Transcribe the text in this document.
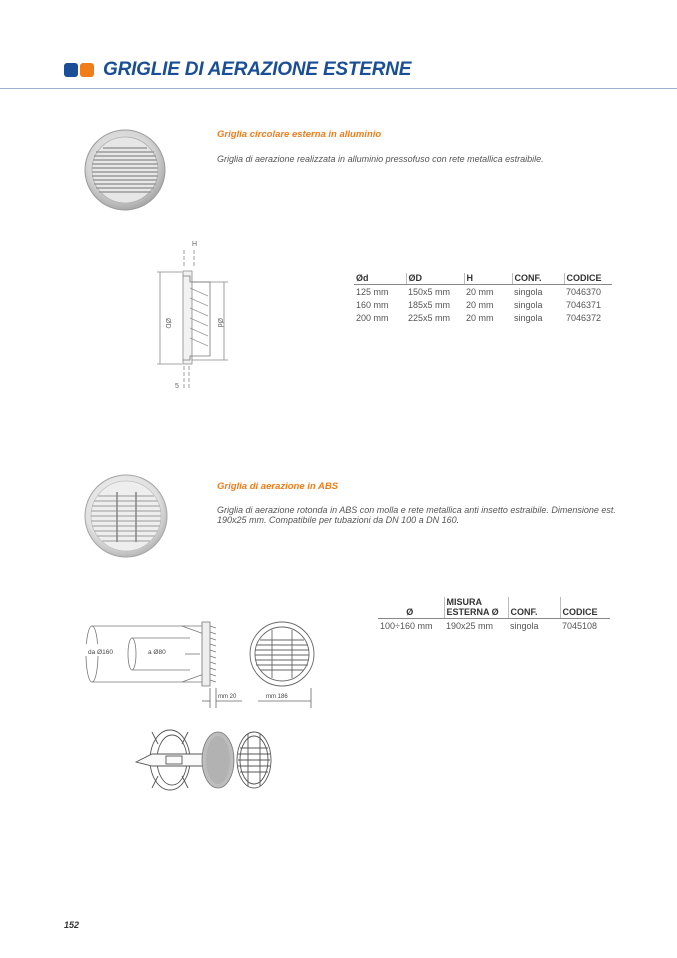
GRIGLIE DI AERAZIONE ESTERNE
Griglia circolare esterna in alluminio
Griglia di aerazione realizzata in alluminio pressofuso con rete metallica estraibile.
H
ØD	Ød
5
Ød	ØD	H	CONF.	CODICE
125 mm	150x5 mm	20 mm	singola	7046370
160 mm	185x5 mm	20 mm	singola	7046371
200 mm	225x5 mm	20 mm	singola	7046372
Griglia di aerazione in ABS
Griglia di aerazione rotonda in ABS con molla e rete metallica anti insetto estraibile. Dimensione est. 190x25 mm. Compatibile per tubazioni da DN 100 a DN 160.
da Ø160	a Ø80
mm 20	mm 186
Ø	MISURA ESTERNA Ø	CONF.	CODICE
100÷160 mm	190x25 mm	singola	7045108
152
